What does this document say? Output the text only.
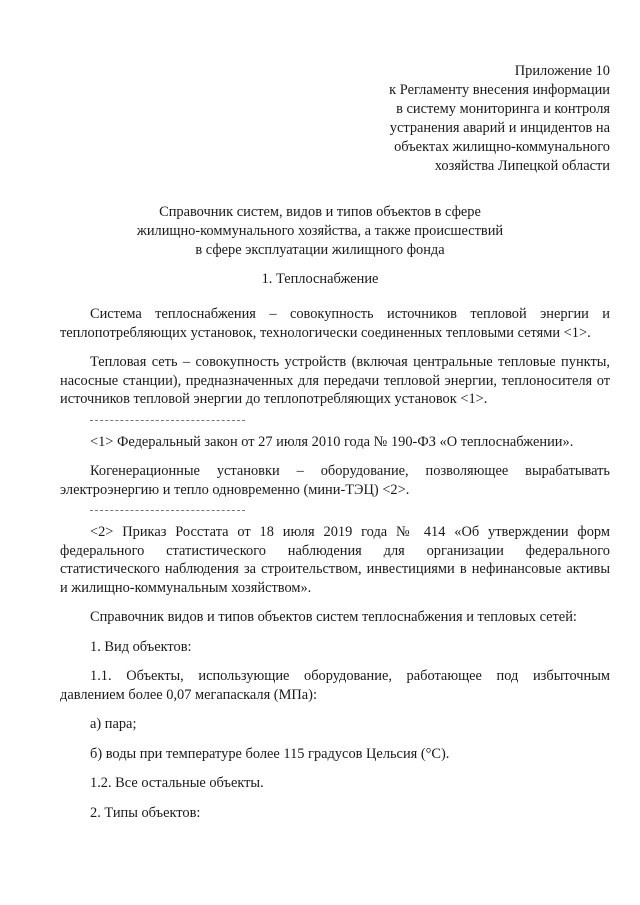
Приложение 10
к Регламенту внесения информации
в систему мониторинга и контроля
устранения аварий и инцидентов на
объектах жилищно-коммунального
хозяйства Липецкой области
Справочник систем, видов и типов объектов в сфере
жилищно-коммунального хозяйства, а также происшествий
в сфере эксплуатации жилищного фонда
1. Теплоснабжение

Система теплоснабжения – совокупность источников тепловой энергии и теплопотребляющих установок, технологически соединенных тепловыми сетями <1>.

Тепловая сеть – совокупность устройств (включая центральные тепловые пункты, насосные станции), предназначенных для передачи тепловой энергии, теплоносителя от источников тепловой энергии до теплопотребляющих установок <1>.

<1> Федеральный закон от 27 июля 2010 года № 190-ФЗ «О теплоснабжении».

Когенерационные установки – оборудование, позволяющее вырабатывать электроэнергию и тепло одновременно (мини-ТЭЦ) <2>.

<2> Приказ Росстата от 18 июля 2019 года № 414 «Об утверждении форм федерального статистического наблюдения для организации федерального статистического наблюдения за строительством, инвестициями в нефинансовые активы и жилищно-коммунальным хозяйством».

Справочник видов и типов объектов систем теплоснабжения и тепловых сетей:

1. Вид объектов:

1.1. Объекты, использующие оборудование, работающее под избыточным давлением более 0,07 мегапаскаля (МПа):

а) пара;

б) воды при температуре более 115 градусов Цельсия (°С).

1.2. Все остальные объекты.

2. Типы объектов:
